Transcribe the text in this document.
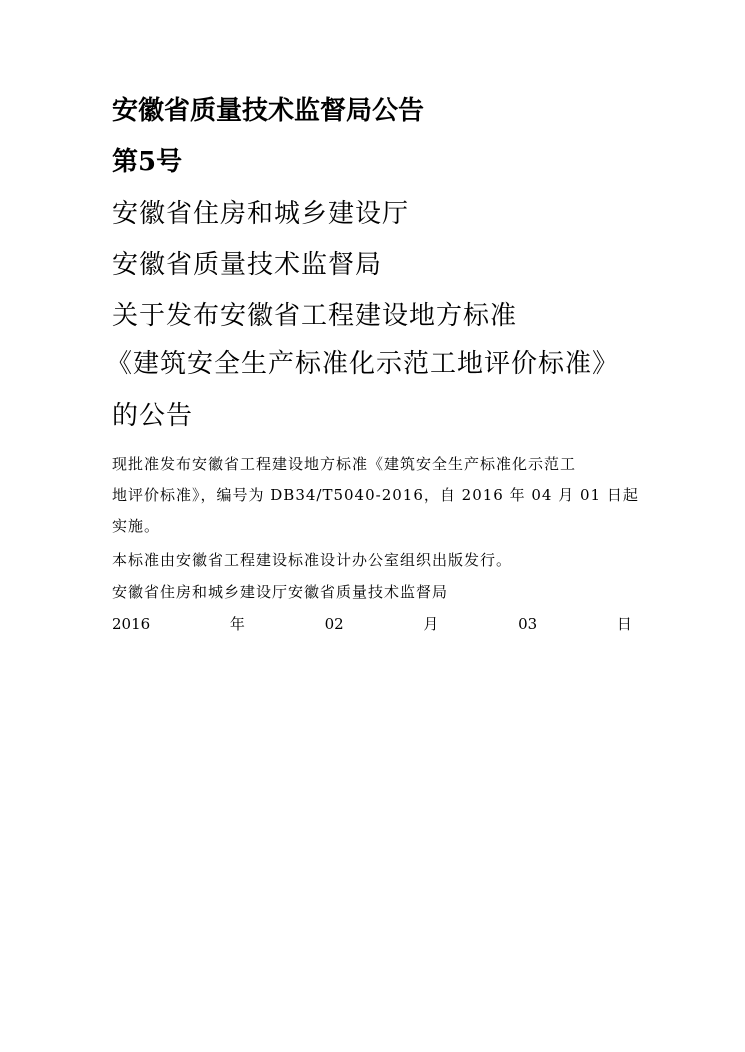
安徽省质量技术监督局公告
第5号
安徽省住房和城乡建设厅
安徽省质量技术监督局
关于发布安徽省工程建设地方标准
《建筑安全生产标准化示范工地评价标准》
的公告
现批准发布安徽省工程建设地方标准《建筑安全生产标准化示范工
地评价标准》，编号为 DB34/T5040-2016，自 2016 年 04 月 01 日起
实施。
本标准由安徽省工程建设标准设计办公室组织出版发行。
安徽省住房和城乡建设厅安徽省质量技术监督局
2016	年	02	月	03	日
